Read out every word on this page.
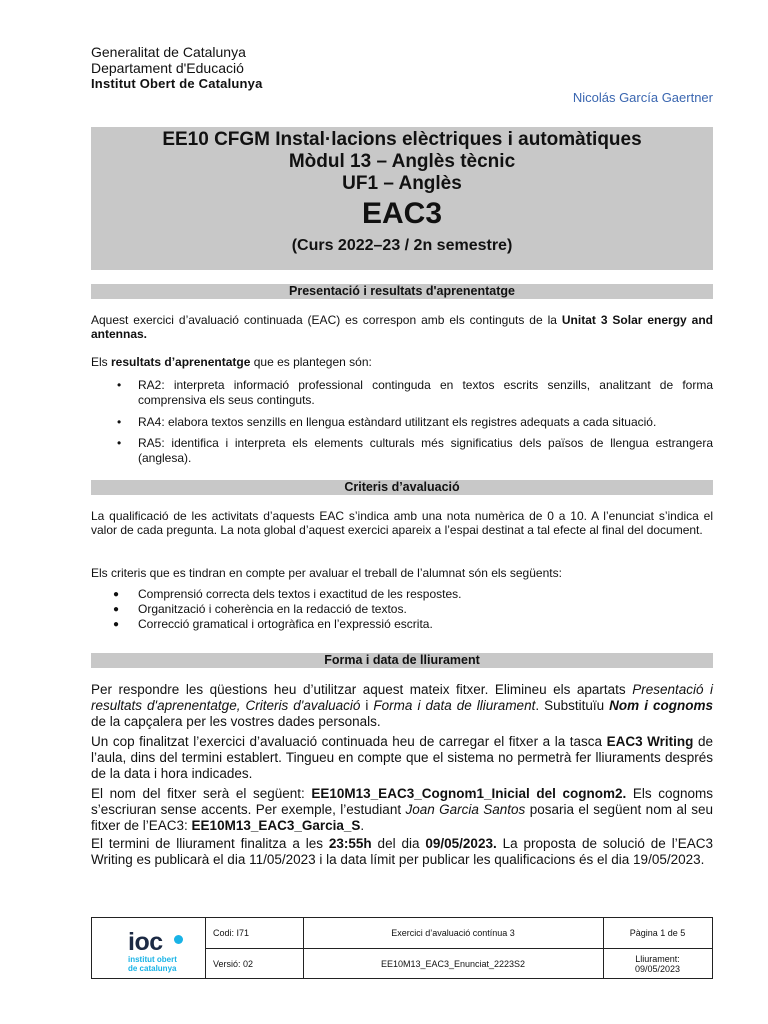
Generalitat de Catalunya
Departament d'Educació
Institut Obert de Catalunya
Nicolás García Gaertner
EE10 CFGM Instal·lacions elèctriques i automàtiques
Mòdul 13 – Anglès tècnic
UF1 – Anglès
EAC3
(Curs 2022–23 / 2n semestre)
Presentació i resultats d'aprenentatge
Aquest exercici d’avaluació continuada (EAC) es correspon amb els continguts de la Unitat 3 Solar energy and antennas.
Els resultats d’aprenentatge que es plantegen són:
• RA2: interpreta informació professional continguda en textos escrits senzills, analitzant de forma comprensiva els seus continguts.
• RA4: elabora textos senzills en llengua estàndard utilitzant els registres adequats a cada situació.
• RA5: identifica i interpreta els elements culturals més significatius dels països de llengua estrangera (anglesa).
Criteris d’avaluació
La qualificació de les activitats d’aquests EAC s’indica amb una nota numèrica de 0 a 10. A l’enunciat s’indica el valor de cada pregunta. La nota global d’aquest exercici apareix a l’espai destinat a tal efecte al final del document.
Els criteris que es tindran en compte per avaluar el treball de l’alumnat són els següents:
● Comprensió correcta dels textos i exactitud de les respostes.
● Organització i coherència en la redacció de textos.
● Correcció gramatical i ortogràfica en l’expressió escrita.
Forma i data de lliurament
Per respondre les qüestions heu d’utilitzar aquest mateix fitxer. Elimineu els apartats Presentació i resultats d'aprenentatge, Criteris d'avaluació i Forma i data de lliurament. Substituïu Nom i cognoms de la capçalera per les vostres dades personals.
Un cop finalitzat l’exercici d’avaluació continuada heu de carregar el fitxer a la tasca EAC3 Writing de l’aula, dins del termini establert. Tingueu en compte que el sistema no permetrà fer lliuraments després de la data i hora indicades.
El nom del fitxer serà el següent: EE10M13_EAC3_Cognom1_Inicial del cognom2. Els cognoms s’escriuran sense accents. Per exemple, l’estudiant Joan Garcia Santos posaria el següent nom al seu fitxer de l’EAC3: EE10M13_EAC3_Garcia_S.
El termini de lliurament finalitza a les 23:55h del dia 09/05/2023. La proposta de solució de l’EAC3 Writing es publicarà el dia 11/05/2023 i la data límit per publicar les qualificacions és el dia 19/05/2023.
ioc
institut obert
de catalunya
Codi: I71
Versió: 02
Exercici d’avaluació contínua 3
EE10M13_EAC3_Enunciat_2223S2
Pàgina 1 de 5
Lliurament:
09/05/2023
